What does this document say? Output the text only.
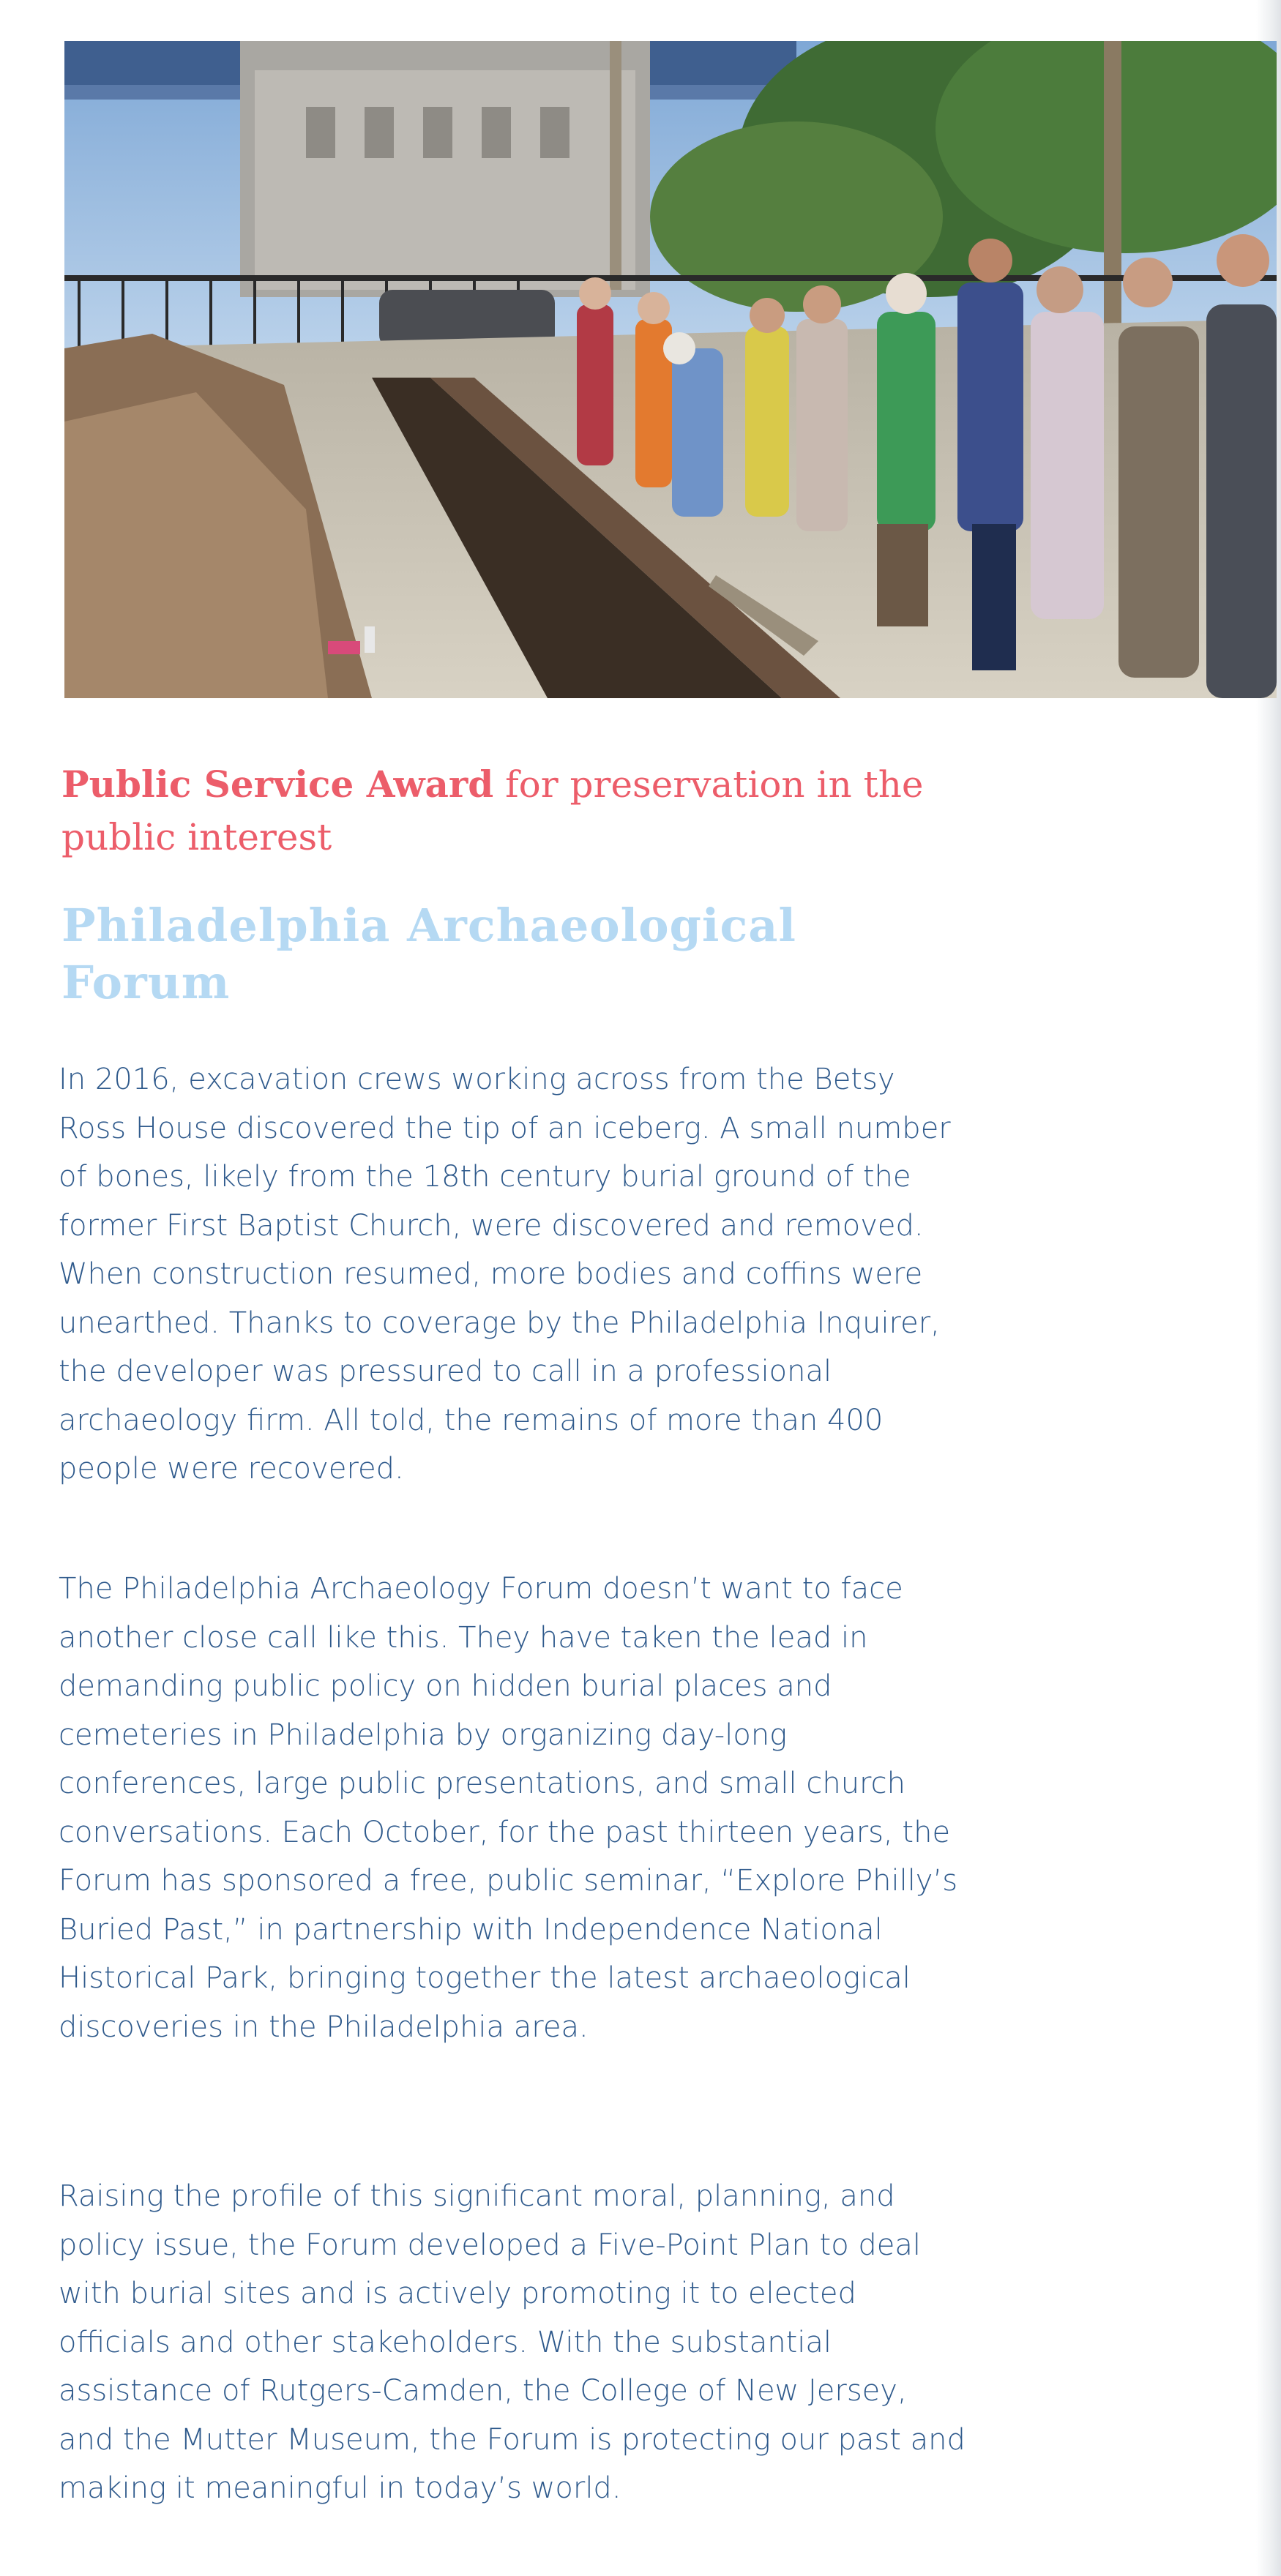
Public Service Award for preservation in the public interest
Philadelphia Archaeological Forum

In 2016, excavation crews working across from the Betsy Ross House discovered the tip of an iceberg. A small number of bones, likely from the 18th century burial ground of the former First Baptist Church, were discovered and removed. When construction resumed, more bodies and coffins were unearthed. Thanks to coverage by the Philadelphia Inquirer, the developer was pressured to call in a professional archaeology firm. All told, the remains of more than 400 people were recovered.

The Philadelphia Archaeology Forum doesn’t want to face another close call like this. They have taken the lead in demanding public policy on hidden burial places and cemeteries in Philadelphia by organizing day-long conferences, large public presentations, and small church conversations. Each October, for the past thirteen years, the Forum has sponsored a free, public seminar, “Explore Philly’s Buried Past,” in partnership with Independence National Historical Park, bringing together the latest archaeological discoveries in the Philadelphia area.

Raising the profile of this significant moral, planning, and policy issue, the Forum developed a Five-Point Plan to deal with burial sites and is actively promoting it to elected officials and other stakeholders. With the substantial assistance of Rutgers-Camden, the College of New Jersey, and the Mutter Museum, the Forum is protecting our past and making it meaningful in today’s world.
